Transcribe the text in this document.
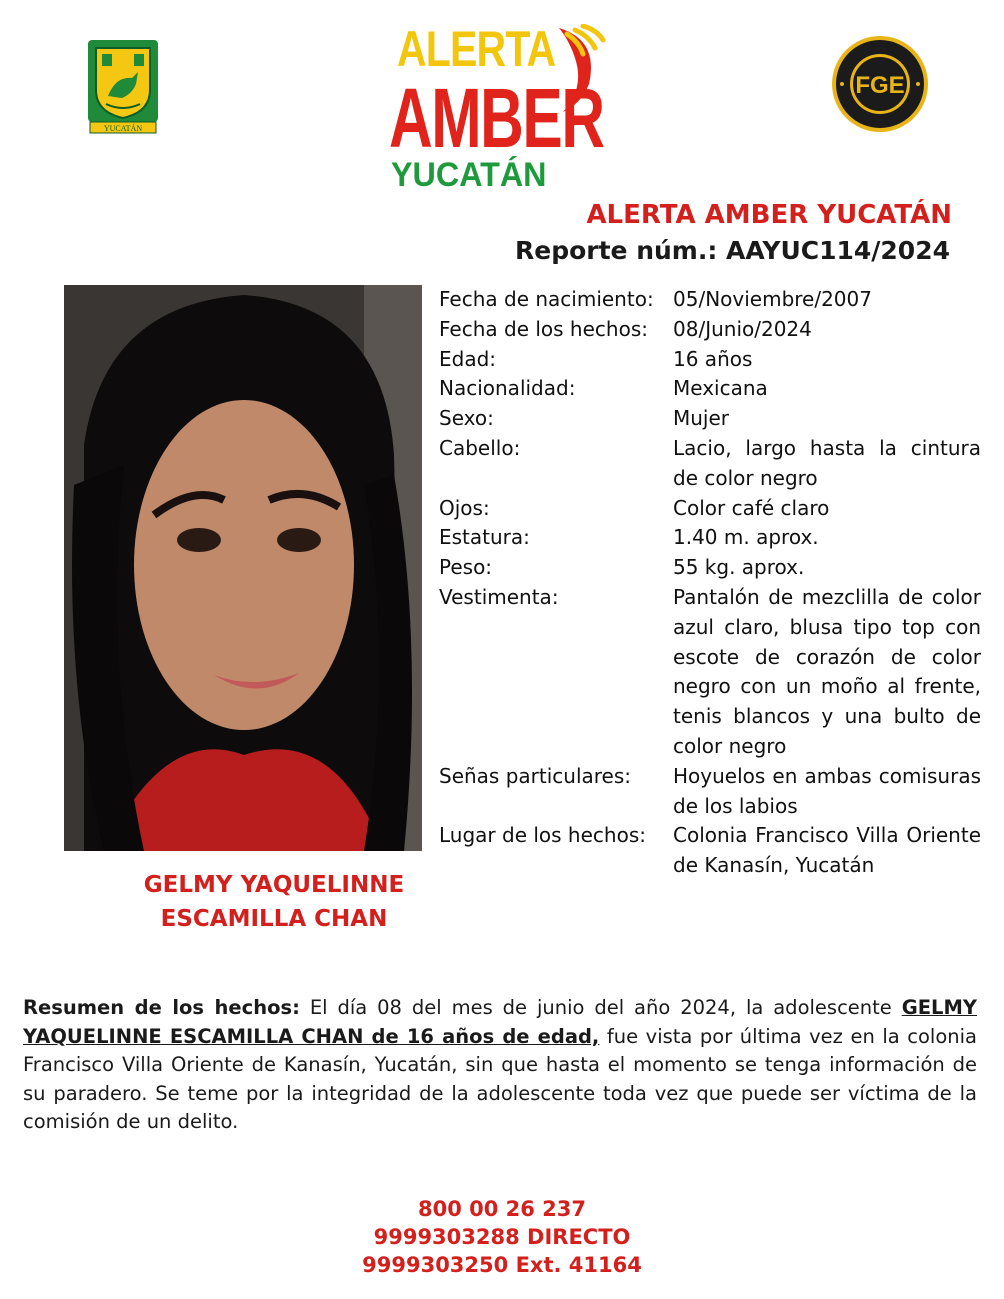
YUCATÁN
ALERTA
AMBER
YUCATÁN
FGE
ALERTA AMBER YUCATÁN
Reporte núm.: AAYUC114/2024
GELMY YAQUELINNE
ESCAMILLA CHAN
Fecha de nacimiento: 05/Noviembre/2007
Fecha de los hechos:	08/Junio/2024
Edad:	16 años
Nacionalidad:	Mexicana
Sexo:	Mujer
Cabello:	Lacio, largo hasta la cintura de color negro
Ojos:	Color café claro
Estatura:	1.40 m. aprox.
Peso:	55 kg. aprox.
Vestimenta:	Pantalón de mezclilla de color azul claro, blusa tipo top con escote de corazón de color negro con un moño al frente, tenis blancos y una bulto de color negro
Señas particulares:	Hoyuelos en ambas comisuras de los labios
Lugar de los hechos:	Colonia Francisco Villa Oriente de Kanasín, Yucatán
Resumen de los hechos: El día 08 del mes de junio del año 2024, la adolescente GELMY YAQUELINNE ESCAMILLA CHAN de 16 años de edad, fue vista por última vez en la colonia Francisco Villa Oriente de Kanasín, Yucatán, sin que hasta el momento se tenga información de su paradero. Se teme por la integridad de la adolescente toda vez que puede ser víctima de la comisión de un delito.
800 00 26 237
9999303288 DIRECTO
9999303250 Ext. 41164
